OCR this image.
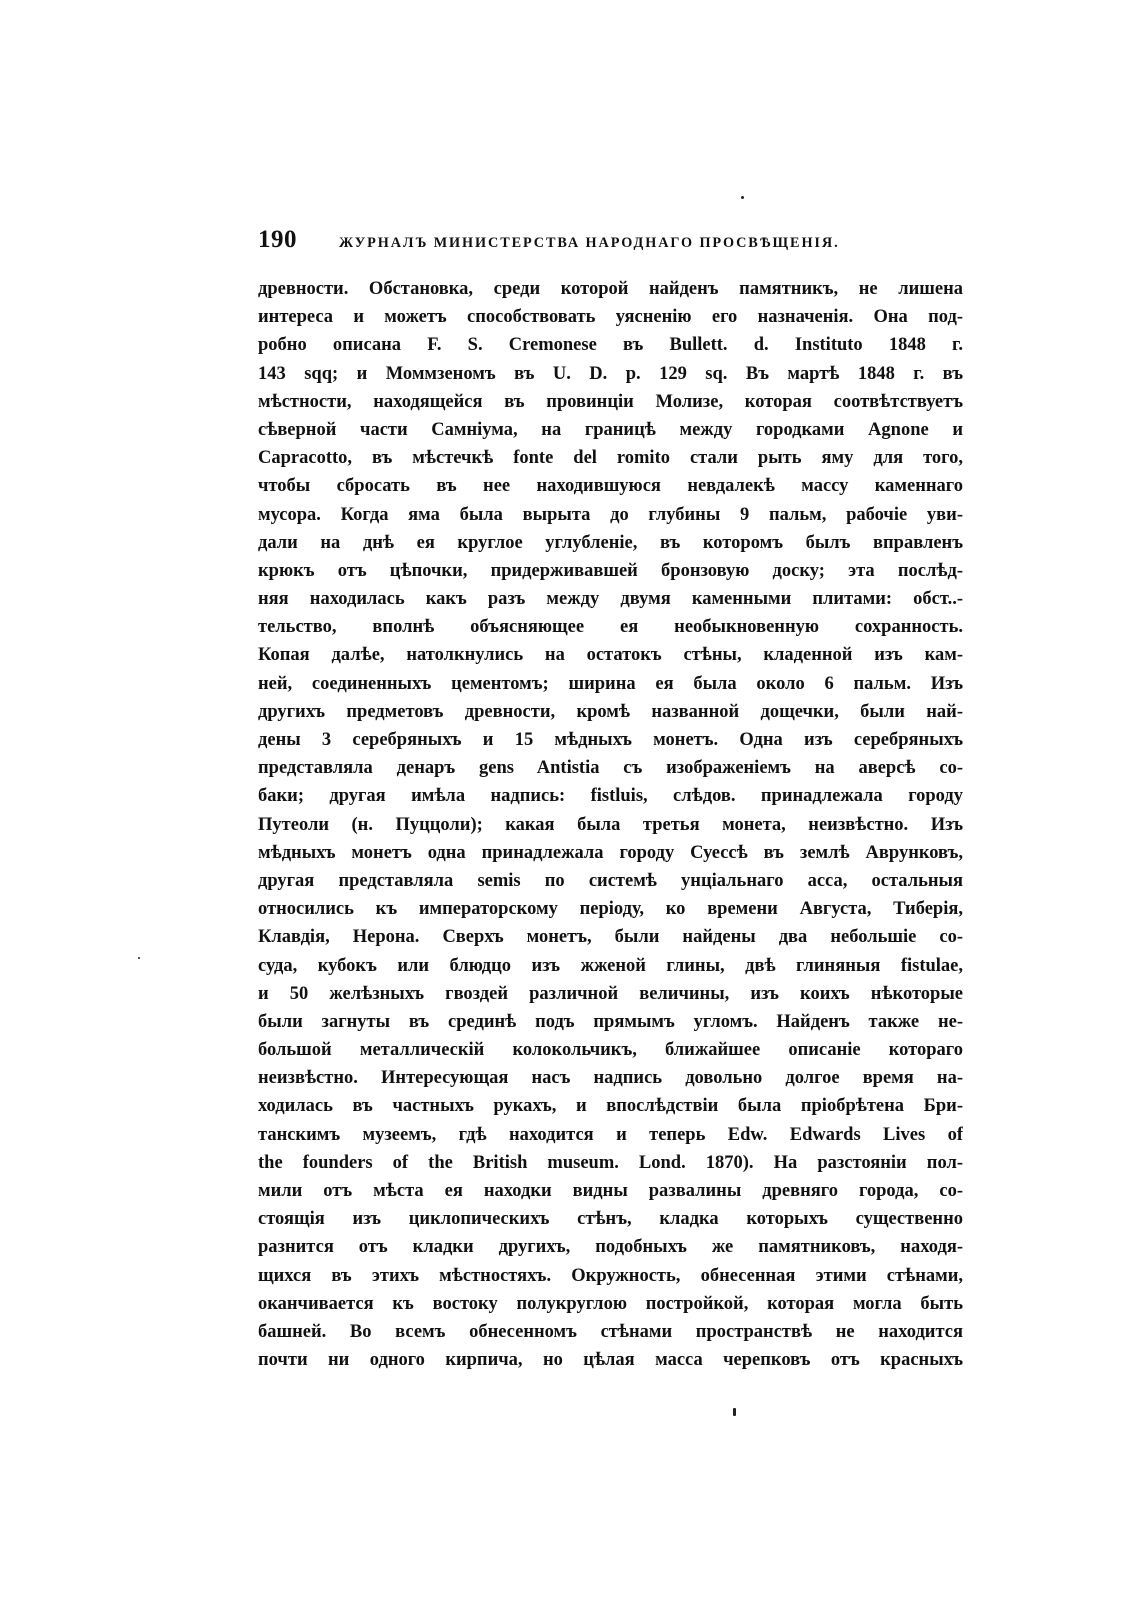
190	ЖУРНАЛЪ МИНИСТЕРСТВА НАРОДНАГО ПРОСВѢЩЕНІЯ.
древности. Обстановка, среди которой найденъ памятникъ, не лишена
интереса и можетъ способствовать уясненію его назначенія. Она под-
робно описана F. S. Cremonese въ Bullett. d. Instituto 1848 г.
143 sqq; и Моммзеномъ въ U. D. p. 129 sq. Въ мартѣ 1848 г. въ
мѣстности, находящейся въ провинціи Молизе, которая соотвѣтствуетъ
сѣверной части Самніума, на границѣ между городками Agnone и
Capracotto, въ мѣстечкѣ fonte del romito стали рыть яму для того,
чтобы сбросать въ нее находившуюся невдалекѣ массу каменнаго
мусора. Когда яма была вырыта до глубины 9 пальм, рабочіе уви-
дали на днѣ ея круглое углубленіе, въ которомъ былъ вправленъ
крюкъ отъ цѣпочки, придерживавшей бронзовую доску; эта послѣд-
няя находилась какъ разъ между двумя каменными плитами: обст..-
тельство, вполнѣ объясняющее ея необыкновенную сохранность.
Копая далѣе, натолкнулись на остатокъ стѣны, кладенной изъ кам-
ней, соединенныхъ цементомъ; ширина ея была около 6 пальм. Изъ
другихъ предметовъ древности, кромѣ названной дощечки, были най-
дены 3 серебряныхъ и 15 мѣдныхъ монетъ. Одна изъ серебряныхъ
представляла денаръ gens Antistia съ изображеніемъ на аверсѣ со-
баки; другая имѣла надпись: fistluis, слѣдов. принадлежала городу
Путеоли (н. Пуццоли); какая была третья монета, неизвѣстно. Изъ
мѣдныхъ монетъ одна принадлежала городу Суессѣ въ землѣ Аврунковъ,
другая представляла semis по системѣ унціальнаго асса, остальныя
относились къ императорскому періоду, ко времени Августа, Тиберія,
Клавдія, Нерона. Сверхъ монетъ, были найдены два небольшіе со-
суда, кубокъ или блюдцо изъ жженой глины, двѣ глиняныя fistulae,
и 50 желѣзныхъ гвоздей различной величины, изъ коихъ нѣкоторые
были загнуты въ срединѣ подъ прямымъ угломъ. Найденъ также не-
большой металлическій колокольчикъ, ближайшее описаніе котораго
неизвѣстно. Интересующая насъ надпись довольно долгое время на-
ходилась въ частныхъ рукахъ, и впослѣдствіи была пріобрѣтена Бри-
танскимъ музеемъ, гдѣ находится и теперь Edw. Edwards Lives of
the founders of the British museum. Lond. 1870). На разстояніи пол-
мили отъ мѣста ея находки видны развалины древняго города, со-
стоящія изъ циклопическихъ стѣнъ, кладка которыхъ существенно
разнится отъ кладки другихъ, подобныхъ же памятниковъ, находя-
щихся въ этихъ мѣстностяхъ. Окружность, обнесенная этими стѣнами,
оканчивается къ востоку полукруглою постройкой, которая могла быть
башней. Во всемъ обнесенномъ стѣнами пространствѣ не находится
почти ни одного кирпича, но цѣлая масса черепковъ отъ красныхъ
